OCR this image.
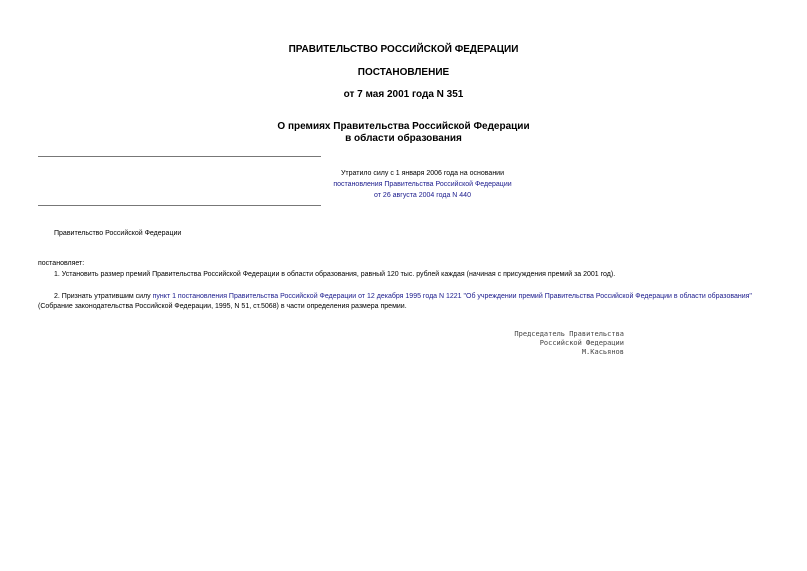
ПРАВИТЕЛЬСТВО РОССИЙСКОЙ ФЕДЕРАЦИИ
ПОСТАНОВЛЕНИЕ
от 7 мая 2001 года N 351
О премиях Правительства Российской Федерации
в области образования
Утратило силу с 1 января 2006 года на основании
постановления Правительства Российской Федерации
от 26 августа 2004 года N 440
Правительство Российской Федерации
постановляет:
1. Установить размер премий Правительства Российской Федерации в области образования, равный 120 тыс. рублей каждая (начиная с присуждения премий за 2001 год).
2. Признать утратившим силу пункт 1 постановления Правительства Российской Федерации от 12 декабря 1995 года N 1221 "Об учреждении премий Правительства Российской Федерации в области образования"
(Собрание законодательства Российской Федерации, 1995, N 51, ст.5068) в части определения размера премии.
Председатель Правительства
Российской Федерации
М.Касьянов
